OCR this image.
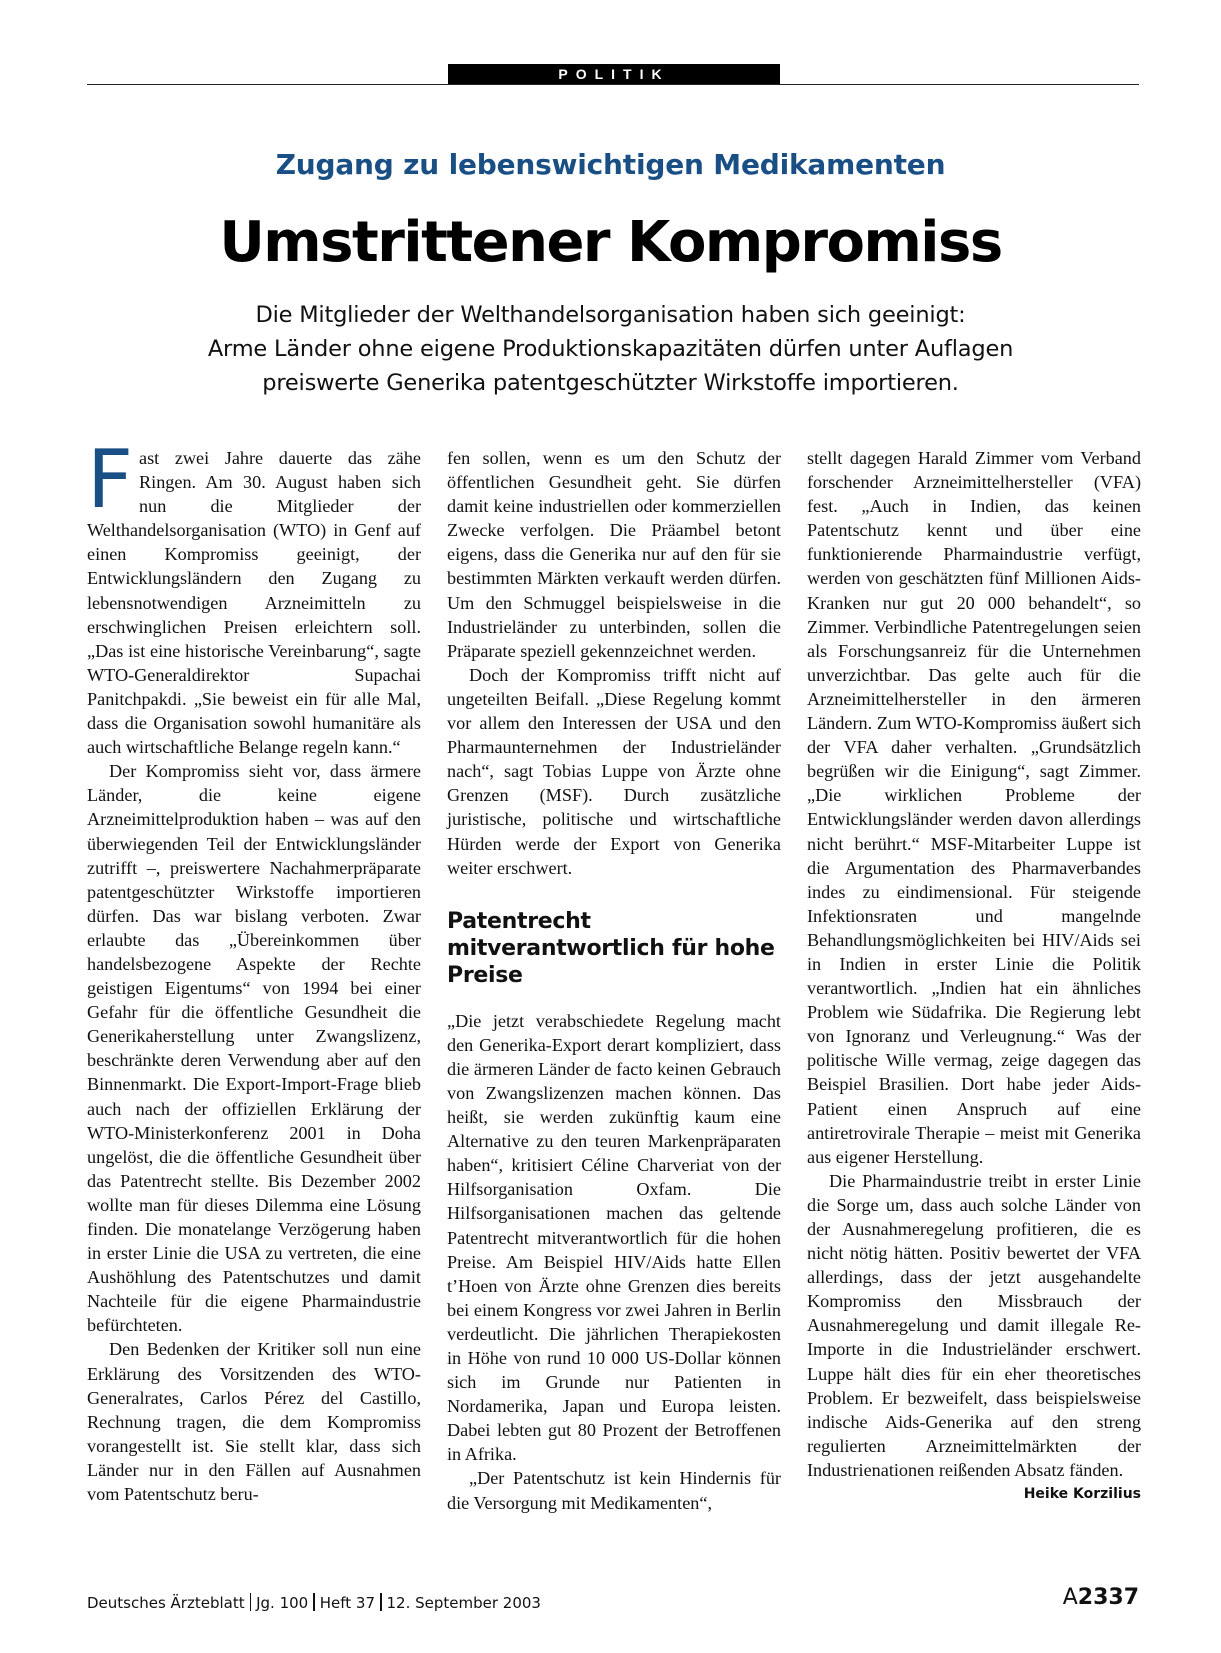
POLITIK
Zugang zu lebenswichtigen Medikamenten
Umstrittener Kompromiss
Die Mitglieder der Welthandelsorganisation haben sich geeinigt:
Arme Länder ohne eigene Produktionskapazitäten dürfen unter Auflagen
preiswerte Generika patentgeschützter Wirkstoffe importieren.

Fast zwei Jahre dauerte das zähe Ringen. Am 30. August haben sich nun die Mitglieder der Welthandelsorganisation (WTO) in Genf auf einen Kompromiss geeinigt, der Entwicklungsländern den Zugang zu lebensnotwendigen Arzneimitteln zu erschwinglichen Preisen erleichtern soll. „Das ist eine historische Vereinbarung“, sagte WTO-Generaldirektor Supachai Panitchpakdi. „Sie beweist ein für alle Mal, dass die Organisation sowohl humanitäre als auch wirtschaftliche Belange regeln kann.“

Der Kompromiss sieht vor, dass ärmere Länder, die keine eigene Arzneimittelproduktion haben – was auf den überwiegenden Teil der Entwicklungsländer zutrifft –, preiswertere Nachahmerpräparate patentgeschützter Wirkstoffe importieren dürfen. Das war bislang verboten. Zwar erlaubte das „Übereinkommen über handelsbezogene Aspekte der Rechte geistigen Eigentums“ von 1994 bei einer Gefahr für die öffentliche Gesundheit die Generikaherstellung unter Zwangslizenz, beschränkte deren Verwendung aber auf den Binnenmarkt. Die Export-Import-Frage blieb auch nach der offiziellen Erklärung der WTO-Ministerkonferenz 2001 in Doha ungelöst, die die öffentliche Gesundheit über das Patentrecht stellte. Bis Dezember 2002 wollte man für dieses Dilemma eine Lösung finden. Die monatelange Verzögerung haben in erster Linie die USA zu vertreten, die eine Aushöhlung des Patentschutzes und damit Nachteile für die eigene Pharmaindustrie befürchteten.

Den Bedenken der Kritiker soll nun eine Erklärung des Vorsitzenden des WTO-Generalrates, Carlos Pérez del Castillo, Rechnung tragen, die dem Kompromiss vorangestellt ist. Sie stellt klar, dass sich Länder nur in den Fällen auf Ausnahmen vom Patentschutz beru-

fen sollen, wenn es um den Schutz der öffentlichen Gesundheit geht. Sie dürfen damit keine industriellen oder kommerziellen Zwecke verfolgen. Die Präambel betont eigens, dass die Generika nur auf den für sie bestimmten Märkten verkauft werden dürfen. Um den Schmuggel beispielsweise in die Industrieländer zu unterbinden, sollen die Präparate speziell gekennzeichnet werden.

Doch der Kompromiss trifft nicht auf ungeteilten Beifall. „Diese Regelung kommt vor allem den Interessen der USA und den Pharmaunternehmen der Industrieländer nach“, sagt Tobias Luppe von Ärzte ohne Grenzen (MSF). Durch zusätzliche juristische, politische und wirtschaftliche Hürden werde der Export von Generika weiter erschwert.

Patentrecht mitverantwortlich für hohe Preise

„Die jetzt verabschiedete Regelung macht den Generika-Export derart kompliziert, dass die ärmeren Länder de facto keinen Gebrauch von Zwangslizenzen machen können. Das heißt, sie werden zukünftig kaum eine Alternative zu den teuren Markenpräparaten haben“, kritisiert Céline Charveriat von der Hilfsorganisation Oxfam. Die Hilfsorganisationen machen das geltende Patentrecht mitverantwortlich für die hohen Preise. Am Beispiel HIV/Aids hatte Ellen t’Hoen von Ärzte ohne Grenzen dies bereits bei einem Kongress vor zwei Jahren in Berlin verdeutlicht. Die jährlichen Therapiekosten in Höhe von rund 10 000 US-Dollar können sich im Grunde nur Patienten in Nordamerika, Japan und Europa leisten. Dabei lebten gut 80 Prozent der Betroffenen in Afrika.

„Der Patentschutz ist kein Hindernis für die Versorgung mit Medikamenten“,

stellt dagegen Harald Zimmer vom Verband forschender Arzneimittelhersteller (VFA) fest. „Auch in Indien, das keinen Patentschutz kennt und über eine funktionierende Pharmaindustrie verfügt, werden von geschätzten fünf Millionen Aids-Kranken nur gut 20 000 behandelt“, so Zimmer. Verbindliche Patentregelungen seien als Forschungsanreiz für die Unternehmen unverzichtbar. Das gelte auch für die Arzneimittelhersteller in den ärmeren Ländern. Zum WTO-Kompromiss äußert sich der VFA daher verhalten. „Grundsätzlich begrüßen wir die Einigung“, sagt Zimmer. „Die wirklichen Probleme der Entwicklungsländer werden davon allerdings nicht berührt.“ MSF-Mitarbeiter Luppe ist die Argumentation des Pharmaverbandes indes zu eindimensional. Für steigende Infektionsraten und mangelnde Behandlungsmöglichkeiten bei HIV/Aids sei in Indien in erster Linie die Politik verantwortlich. „Indien hat ein ähnliches Problem wie Südafrika. Die Regierung lebt von Ignoranz und Verleugnung.“ Was der politische Wille vermag, zeige dagegen das Beispiel Brasilien. Dort habe jeder Aids-Patient einen Anspruch auf eine antiretrovirale Therapie – meist mit Generika aus eigener Herstellung.

Die Pharmaindustrie treibt in erster Linie die Sorge um, dass auch solche Länder von der Ausnahmeregelung profitieren, die es nicht nötig hätten. Positiv bewertet der VFA allerdings, dass der jetzt ausgehandelte Kompromiss den Missbrauch der Ausnahmeregelung und damit illegale Re-Importe in die Industrieländer erschwert. Luppe hält dies für ein eher theoretisches Problem. Er bezweifelt, dass beispielsweise indische Aids-Generika auf den streng regulierten Arzneimittelmärkten der Industrienationen reißenden Absatz fänden.
Heike Korzilius

Deutsches Ärzteblatt Jg. 100 Heft 37 12. September 2003	A2337
